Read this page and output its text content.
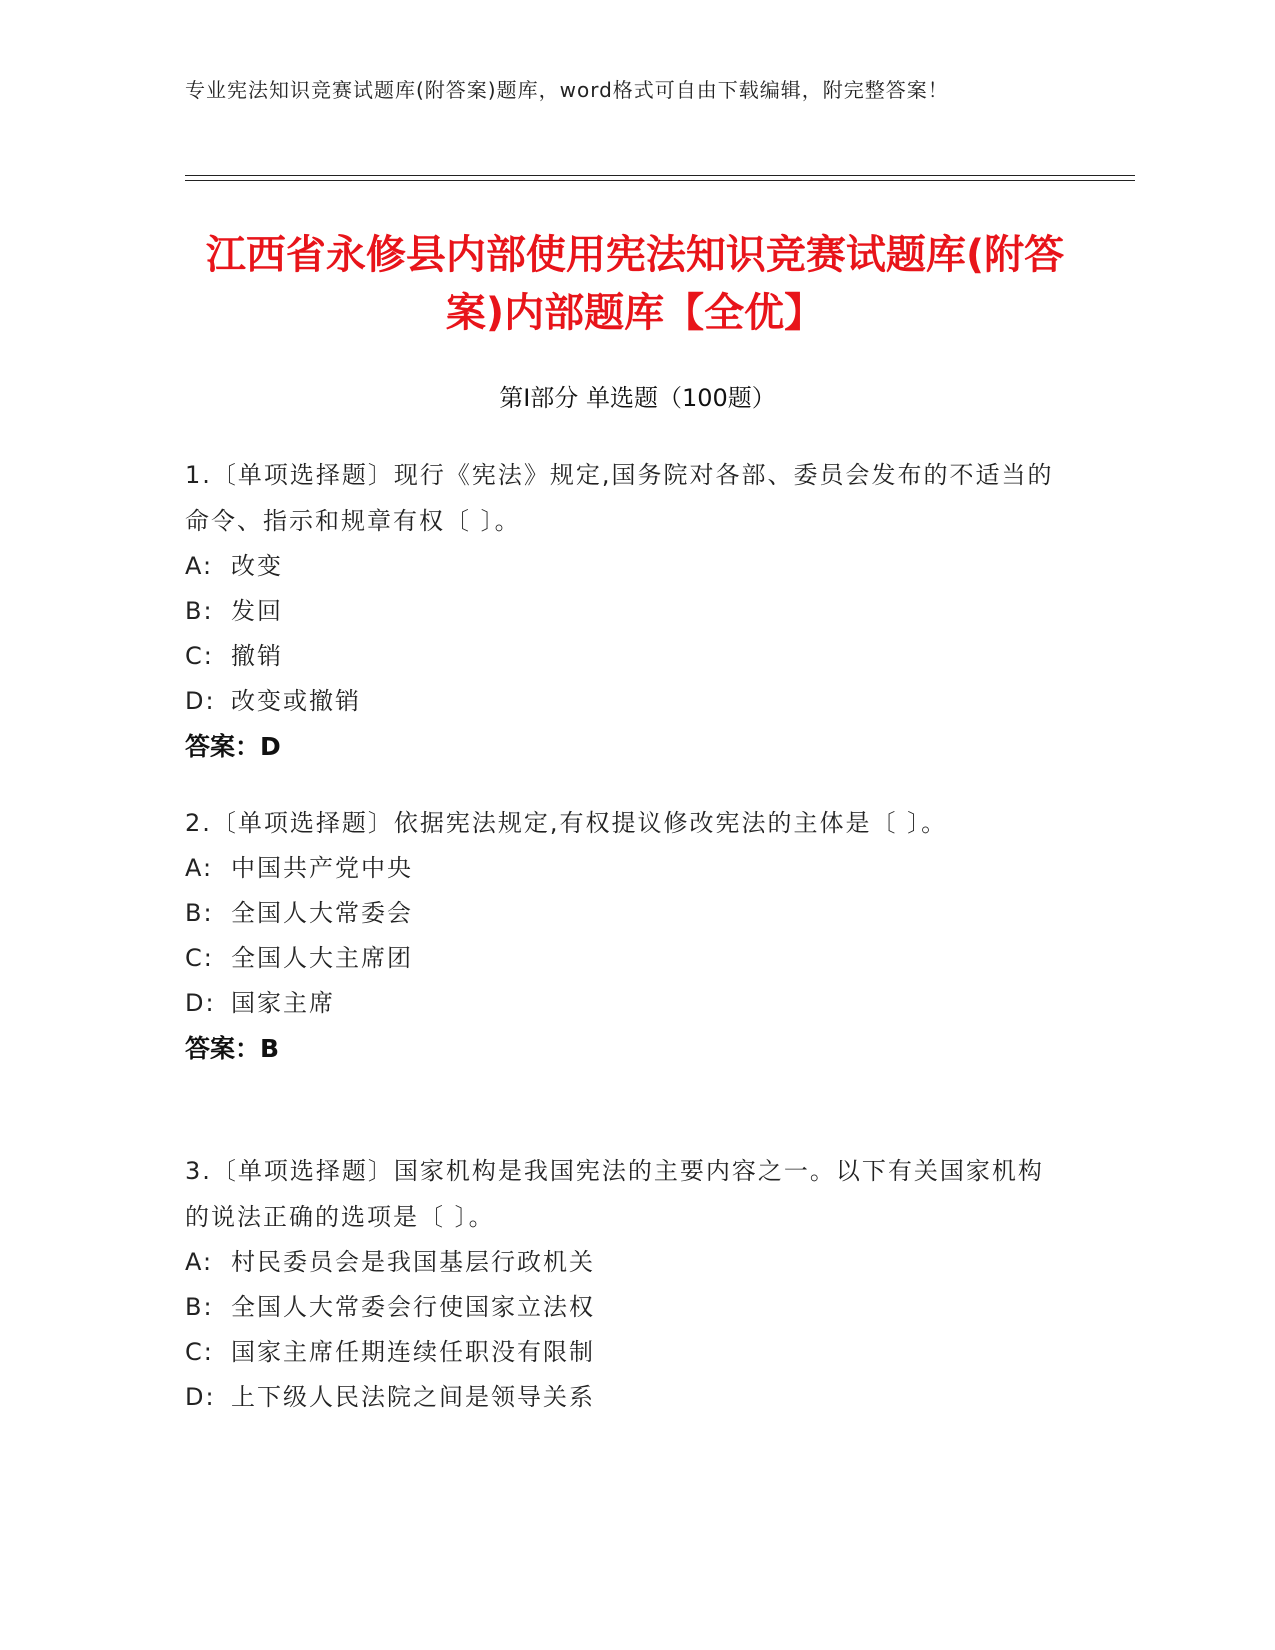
专业宪法知识竞赛试题库(附答案)题库，word格式可自由下载编辑，附完整答案！
江西省永修县内部使用宪法知识竞赛试题库(附答案)内部题库【全优】
第I部分 单选题（100题）
1.〔单项选择题〕现行《宪法》规定,国务院对各部、委员会发布的不适当的命令、指示和规章有权〔 〕。
A: 改变
B: 发回
C: 撤销
D: 改变或撤销
答案：D
2.〔单项选择题〕依据宪法规定,有权提议修改宪法的主体是〔 〕。
A: 中国共产党中央
B: 全国人大常委会
C: 全国人大主席团
D: 国家主席
答案：B
3.〔单项选择题〕国家机构是我国宪法的主要内容之一。以下有关国家机构的说法正确的选项是〔 〕。
A: 村民委员会是我国基层行政机关
B: 全国人大常委会行使国家立法权
C: 国家主席任期连续任职没有限制
D: 上下级人民法院之间是领导关系
